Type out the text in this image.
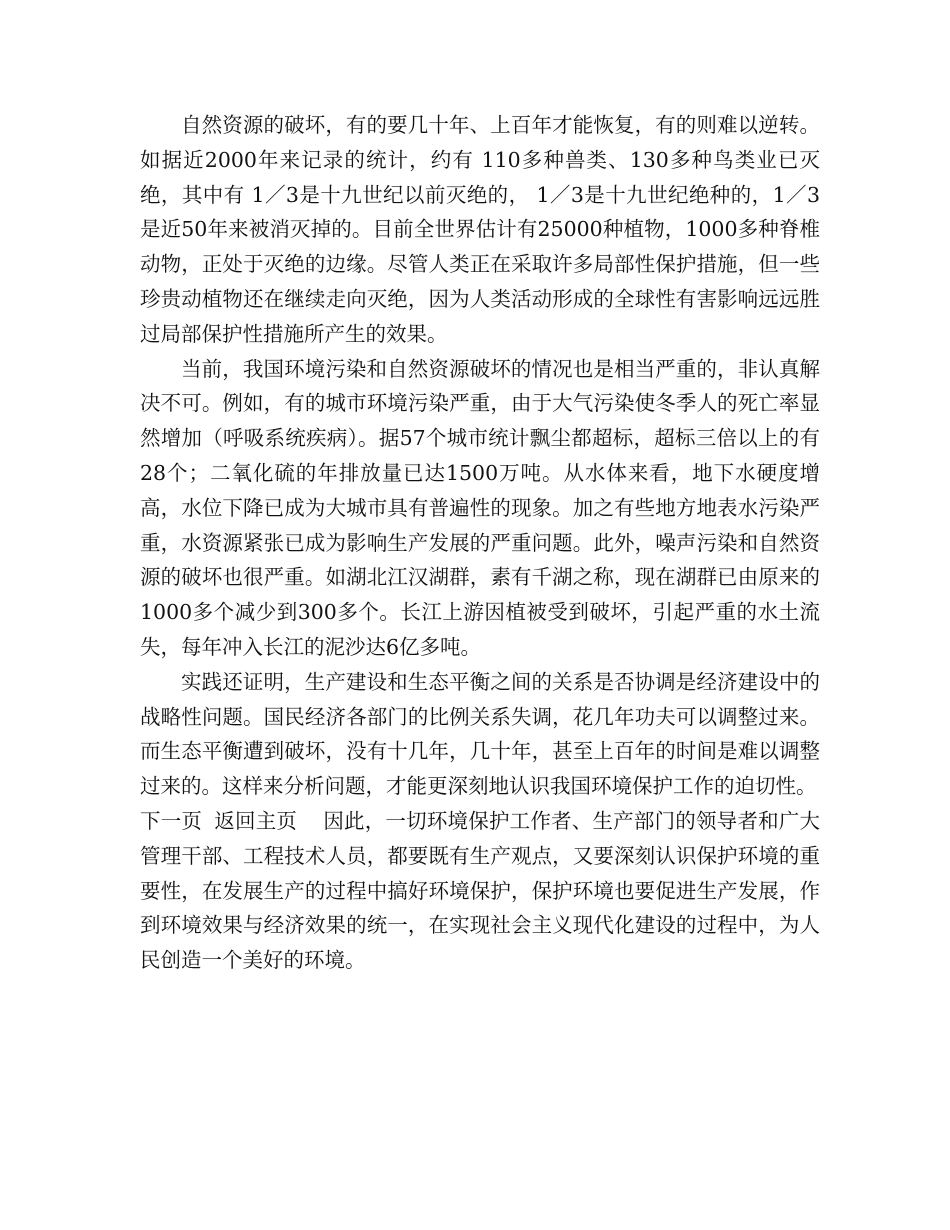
自然资源的破坏，有的要几十年、上百年才能恢复，有的则难以逆转。如据近2000年来记录的统计，约有 110多种兽类、130多种鸟类业已灭绝，其中有 1／3是十九世纪以前灭绝的， 1／3是十九世纪绝种的，1／3是近50年来被消灭掉的。目前全世界估计有25000种植物，1000多种脊椎动物，正处于灭绝的边缘。尽管人类正在采取许多局部性保护措施，但一些珍贵动植物还在继续走向灭绝，因为人类活动形成的全球性有害影响远远胜过局部保护性措施所产生的效果。

当前，我国环境污染和自然资源破坏的情况也是相当严重的，非认真解决不可。例如，有的城市环境污染严重，由于大气污染使冬季人的死亡率显然增加（呼吸系统疾病）。据57个城市统计飘尘都超标，超标三倍以上的有28个；二氧化硫的年排放量已达1500万吨。从水体来看，地下水硬度增高，水位下降已成为大城市具有普遍性的现象。加之有些地方地表水污染严重，水资源紧张已成为影响生产发展的严重问题。此外，噪声污染和自然资源的破坏也很严重。如湖北江汉湖群，素有千湖之称，现在湖群已由原来的1000多个减少到300多个。长江上游因植被受到破坏，引起严重的水土流失，每年冲入长江的泥沙达6亿多吨。

实践还证明，生产建设和生态平衡之间的关系是否协调是经济建设中的战略性问题。国民经济各部门的比例关系失调，花几年功夫可以调整过来。而生态平衡遭到破坏，没有十几年，几十年，甚至上百年的时间是难以调整过来的。这样来分析问题，才能更深刻地认识我国环境保护工作的迫切性。

下一页 返回主页 因此，一切环境保护工作者、生产部门的领导者和广大管理干部、工程技术人员，都要既有生产观点，又要深刻认识保护环境的重要性，在发展生产的过程中搞好环境保护，保护环境也要促进生产发展，作到环境效果与经济效果的统一，在实现社会主义现代化建设的过程中，为人民创造一个美好的环境。
